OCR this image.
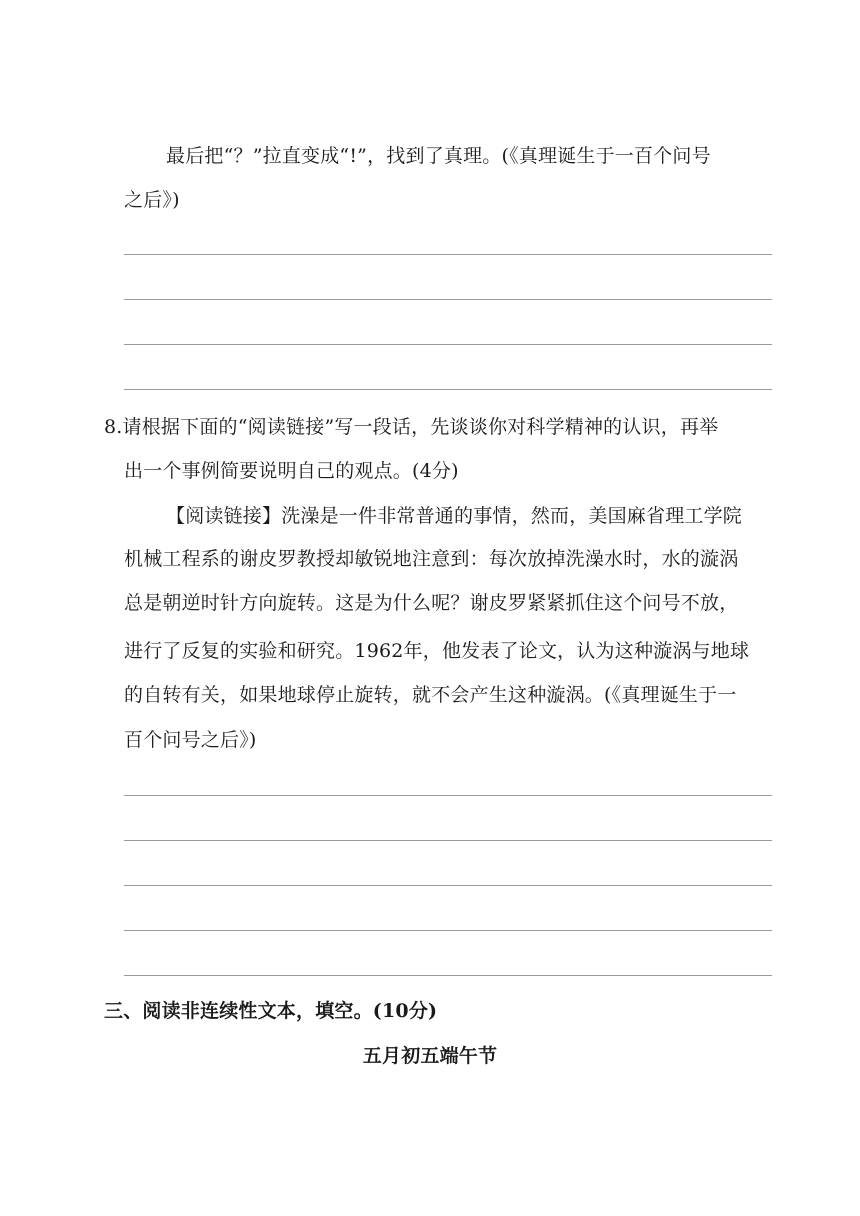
最后把“？”拉直变成“!”，找到了真理。(《真理诞生于一百个问号
之后》)
8.请根据下面的“阅读链接”写一段话，先谈谈你对科学精神的认识，再举
出一个事例简要说明自己的观点。(4分)
【阅读链接】洗澡是一件非常普通的事情，然而，美国麻省理工学院
机械工程系的谢皮罗教授却敏锐地注意到：每次放掉洗澡水时，水的漩涡
总是朝逆时针方向旋转。这是为什么呢？谢皮罗紧紧抓住这个问号不放，
进行了反复的实验和研究。1962年，他发表了论文，认为这种漩涡与地球
的自转有关，如果地球停止旋转，就不会产生这种漩涡。(《真理诞生于一
百个问号之后》)
三、阅读非连续性文本，填空。(10分)
五月初五端午节
